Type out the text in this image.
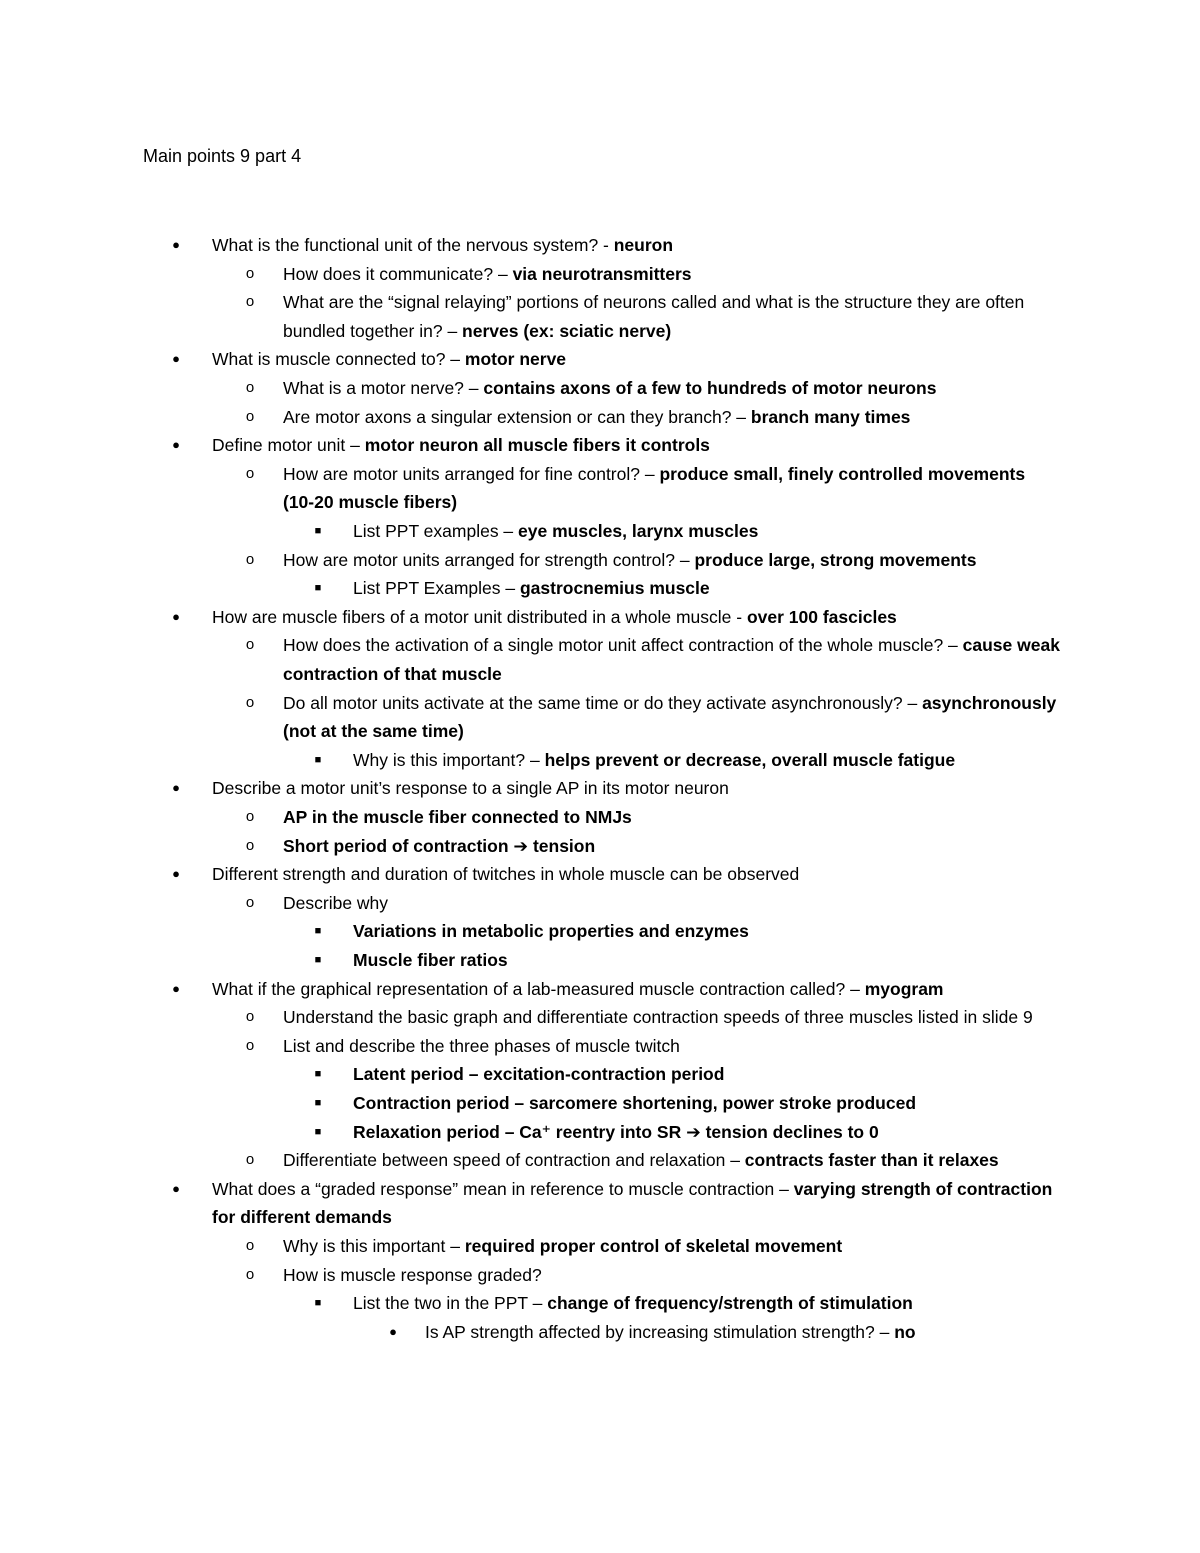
Main points 9 part 4
● What is the functional unit of the nervous system? - neuron
o How does it communicate? – via neurotransmitters
o What are the “signal relaying” portions of neurons called and what is the structure they are often bundled together in? – nerves (ex: sciatic nerve)
● What is muscle connected to? – motor nerve
o What is a motor nerve? – contains axons of a few to hundreds of motor neurons
o Are motor axons a singular extension or can they branch? – branch many times
● Define motor unit – motor neuron all muscle fibers it controls
o How are motor units arranged for fine control? – produce small, finely controlled movements (10-20 muscle fibers)
■ List PPT examples – eye muscles, larynx muscles
o How are motor units arranged for strength control? – produce large, strong movements
■ List PPT Examples – gastrocnemius muscle
● How are muscle fibers of a motor unit distributed in a whole muscle - over 100 fascicles
o How does the activation of a single motor unit affect contraction of the whole muscle? – cause weak contraction of that muscle
o Do all motor units activate at the same time or do they activate asynchronously? – asynchronously (not at the same time)
■ Why is this important? – helps prevent or decrease, overall muscle fatigue
● Describe a motor unit’s response to a single AP in its motor neuron
o AP in the muscle fiber connected to NMJs
o Short period of contraction ➔ tension
● Different strength and duration of twitches in whole muscle can be observed
o Describe why
■ Variations in metabolic properties and enzymes
■ Muscle fiber ratios
● What if the graphical representation of a lab-measured muscle contraction called? – myogram
o Understand the basic graph and differentiate contraction speeds of three muscles listed in slide 9
o List and describe the three phases of muscle twitch
■ Latent period – excitation-contraction period
■ Contraction period – sarcomere shortening, power stroke produced
■ Relaxation period – Ca⁺ reentry into SR ➔ tension declines to 0
o Differentiate between speed of contraction and relaxation – contracts faster than it relaxes
● What does a “graded response” mean in reference to muscle contraction – varying strength of contraction for different demands
o Why is this important – required proper control of skeletal movement
o How is muscle response graded?
■ List the two in the PPT – change of frequency/strength of stimulation
● Is AP strength affected by increasing stimulation strength? – no
